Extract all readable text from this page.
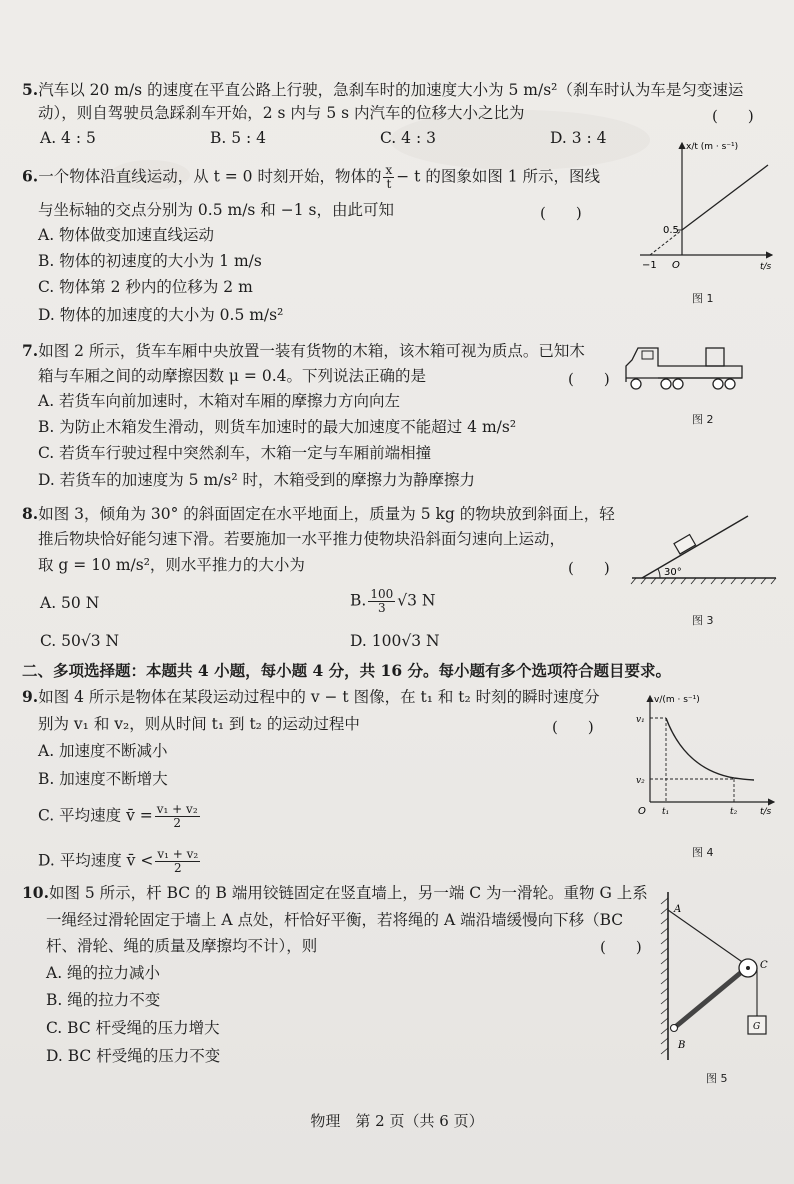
5.汽车以 20 m/s 的速度在平直公路上行驶，急刹车时的加速度大小为 5 m/s²（刹车时认为车是匀变速运
动），则自驾驶员急踩刹车开始，2 s 内与 5 s 内汽车的位移大小之比为	(　　)
A. 4 : 5	B. 5 : 4	C. 4 : 3	D. 3 : 4
6.一个物体沿直线运动，从 t = 0 时刻开始，物体的 $\frac{x}{t} - t$ 的图象如图 1 所示，图线
与坐标轴的交点分别为 0.5 m/s 和 −1 s，由此可知	(　　)
A. 物体做变加速直线运动
B. 物体的初速度的大小为 1 m/s
C. 物体第 2 秒内的位移为 2 m
D. 物体的加速度的大小为 0.5 m/s²
x/t (m · s⁻¹)
t/s
0.5
−1 O
图 1
7.如图 2 所示，货车车厢中央放置一装有货物的木箱，该木箱可视为质点。已知木
箱与车厢之间的动摩擦因数 μ = 0.4。下列说法正确的是	(　　)
A. 若货车向前加速时，木箱对车厢的摩擦力方向向左
B. 为防止木箱发生滑动，则货车加速时的最大加速度不能超过 4 m/s²
C. 若货车行驶过程中突然刹车，木箱一定与车厢前端相撞
D. 若货车的加速度为 5 m/s² 时，木箱受到的摩擦力为静摩擦力
图 2
8.如图 3，倾角为 30° 的斜面固定在水平地面上，质量为 5 kg 的物块放到斜面上，轻
推后物块恰好能匀速下滑。若要施加一水平推力使物块沿斜面匀速向上运动，
取 g = 10 m/s²，则水平推力的大小为	(　　)
A. 50 N	B. $\frac{100}{3} √3$ N
C. 50√3 N	D. 100√3 N
30°
图 3
二、多项选择题：本题共 4 小题，每小题 4 分，共 16 分。每小题有多个选项符合题目要求。
9.如图 4 所示是物体在某段运动过程中的 v − t 图像，在 t₁ 和 t₂ 时刻的瞬时速度分
别为 v₁ 和 v₂，则从时间 t₁ 到 t₂ 的运动过程中
A. 加速度不断减小
B. 加速度不断增大
C. 平均速度 v̄ = $\frac{\text{v₁ + v₂}}{2}$
D. 平均速度 v̄ < $\frac{\text{v₁ + v₂}}{2}$
v/(m · s⁻¹)
t/s
v₁
v₂
t₁	t₂
O
(　　)
图 4
10.如图 5 所示，杆 BC 的 B 端用铰链固定在竖直墙上，另一端 C 为一滑轮。重物 G 上系
一绳经过滑轮固定于墙上 A 点处，杆恰好平衡，若将绳的 A 端沿墙缓慢向下移（BC
杆、滑轮、绳的质量及摩擦均不计），则	(　　)
A. 绳的拉力减小
B. 绳的拉力不变
C. BC 杆受绳的压力增大
D. BC 杆受绳的压力不变
A
B
C
G
图 5
物理　第 2 页（共 6 页）
